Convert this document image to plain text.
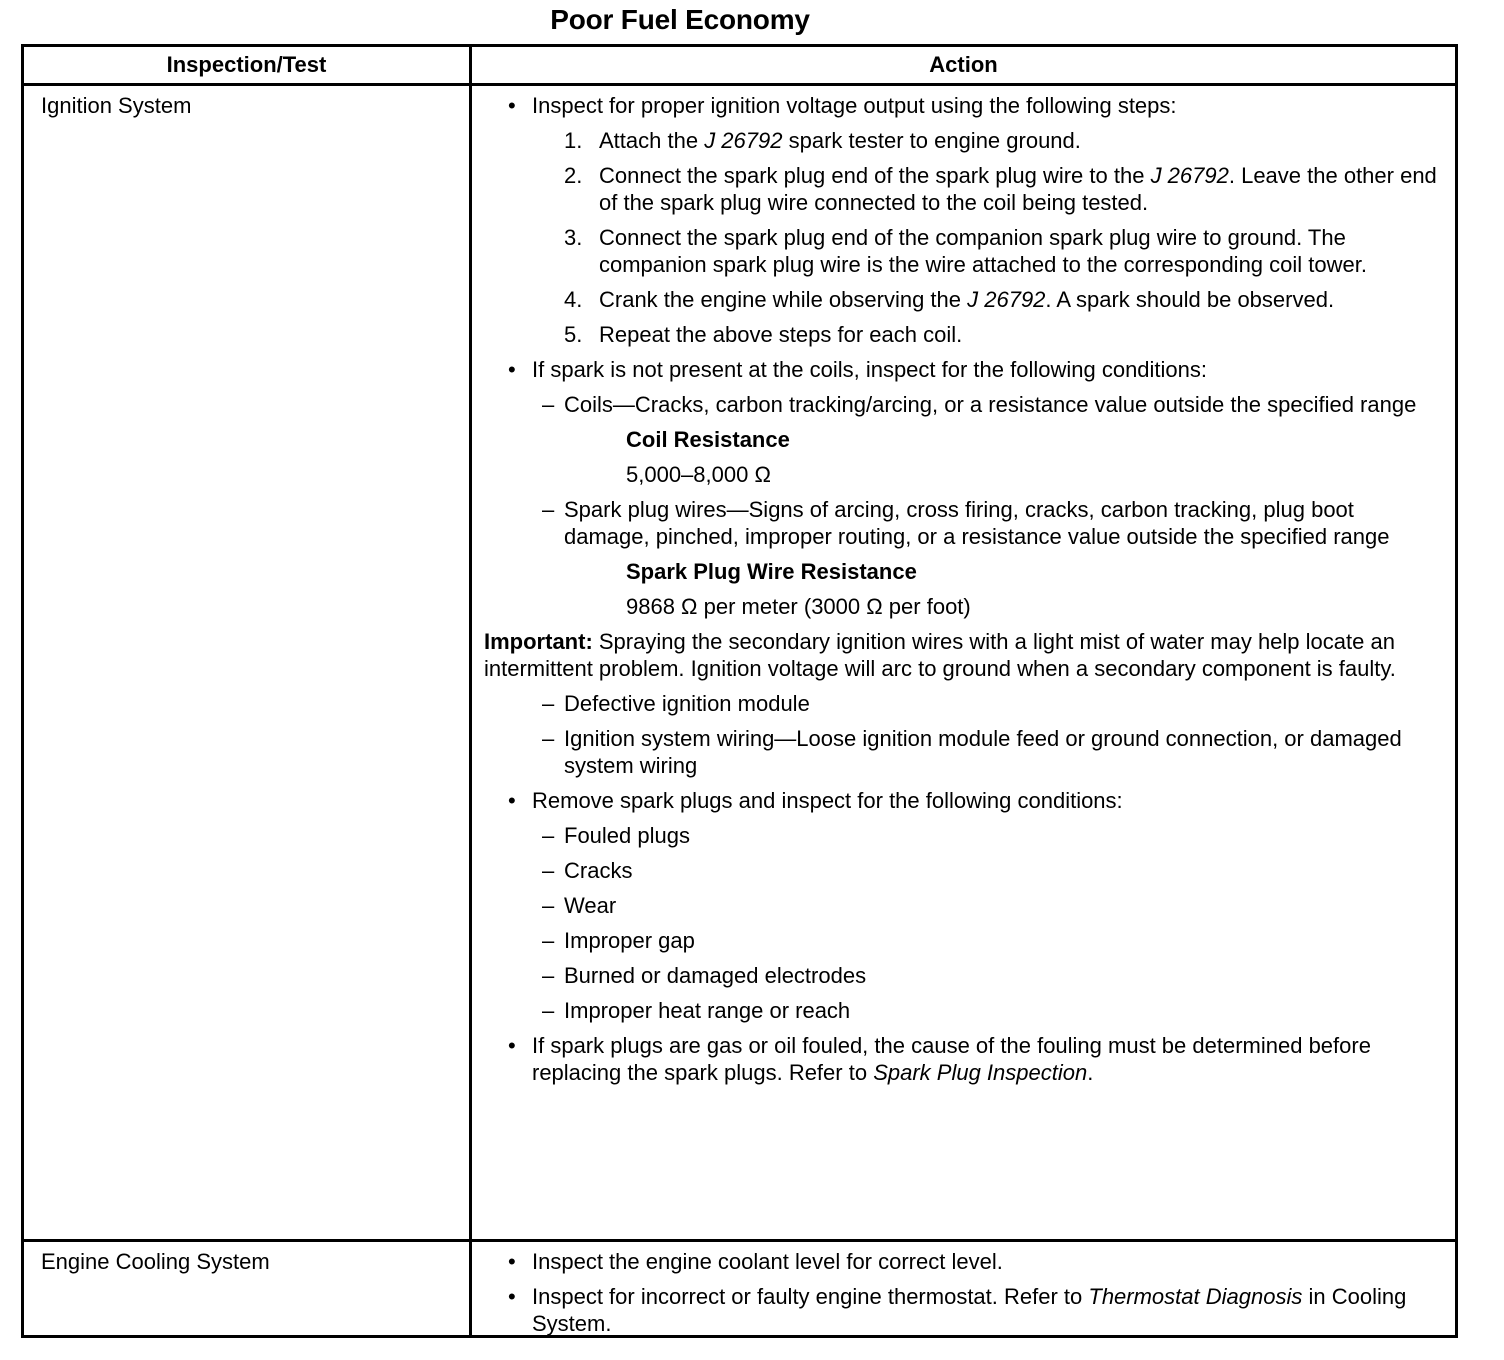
Poor Fuel Economy
Inspection/Test	Action
Ignition System	• Inspect for proper ignition voltage output using the following steps:
1. Attach the J 26792 spark tester to engine ground.
2. Connect the spark plug end of the spark plug wire to the J 26792. Leave the other end of the spark plug wire connected to the coil being tested.
3. Connect the spark plug end of the companion spark plug wire to ground. The companion spark plug wire is the wire attached to the corresponding coil tower.
4. Crank the engine while observing the J 26792. A spark should be observed.
5. Repeat the above steps for each coil.
• If spark is not present at the coils, inspect for the following conditions:
– Coils—Cracks, carbon tracking/arcing, or a resistance value outside the specified range
Coil Resistance
5,000–8,000 Ω
– Spark plug wires—Signs of arcing, cross firing, cracks, carbon tracking, plug boot damage, pinched, improper routing, or a resistance value outside the specified range
Spark Plug Wire Resistance
9868 Ω per meter (3000 Ω per foot)
Important: Spraying the secondary ignition wires with a light mist of water may help locate an intermittent problem. Ignition voltage will arc to ground when a secondary component is faulty.
– Defective ignition module
– Ignition system wiring—Loose ignition module feed or ground connection, or damaged system wiring
• Remove spark plugs and inspect for the following conditions:
– Fouled plugs
– Cracks
– Wear
– Improper gap
– Burned or damaged electrodes
– Improper heat range or reach
• If spark plugs are gas or oil fouled, the cause of the fouling must be determined before replacing the spark plugs. Refer to Spark Plug Inspection.
Engine Cooling System	• Inspect the engine coolant level for correct level.
• Inspect for incorrect or faulty engine thermostat. Refer to Thermostat Diagnosis in Cooling System.
